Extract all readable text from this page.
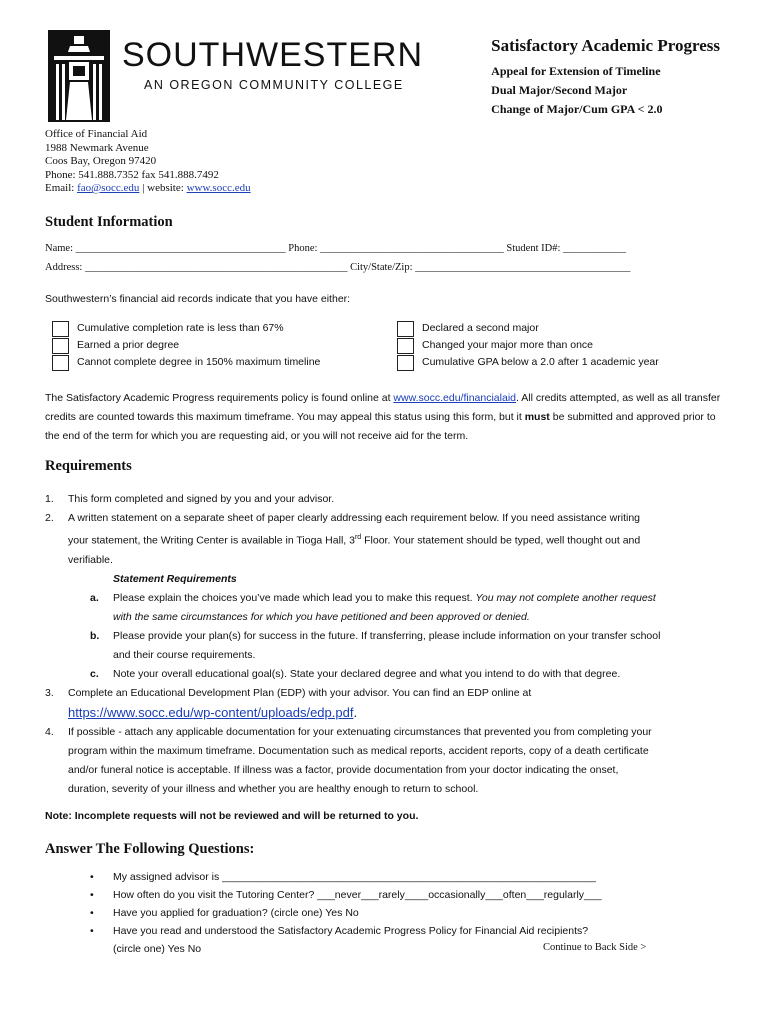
SOUTHWESTERN
AN OREGON COMMUNITY COLLEGE
Satisfactory Academic Progress
Appeal for Extension of Timeline
Dual Major/Second Major
Change of Major/Cum GPA < 2.0
Office of Financial Aid
1988 Newmark Avenue
Coos Bay, Oregon 97420
Phone: 541.888.7352 fax 541.888.7492
Email: fao@socc.edu | website: www.socc.edu
Student Information
Name: ________________________________________ Phone: ___________________________________ Student ID#: ____________
Address: __________________________________________________ City/State/Zip: _________________________________________
Southwestern’s financial aid records indicate that you have either:
Cumulative completion rate is less than 67%
Earned a prior degree
Cannot complete degree in 150% maximum timeline
Declared a second major
Changed your major more than once
Cumulative GPA below a 2.0 after 1 academic year
The Satisfactory Academic Progress requirements policy is found online at www.socc.edu/financialaid. All credits attempted, as well as all transfer credits are counted towards this maximum timeframe. You may appeal this status using this form, but it must be submitted and approved prior to the end of the term for which you are requesting aid, or you will not receive aid for the term.
Requirements
1. This form completed and signed by you and your advisor.
2. A written statement on a separate sheet of paper clearly addressing each requirement below. If you need assistance writing
your statement, the Writing Center is available in Tioga Hall, 3rd Floor. Your statement should be typed, well thought out and
verifiable.
Statement Requirements
a. Please explain the choices you’ve made which lead you to make this request. You may not complete another request
with the same circumstances for which you have petitioned and been approved or denied.
b. Please provide your plan(s) for success in the future. If transferring, please include information on your transfer school
and their course requirements.
c. Note your overall educational goal(s). State your declared degree and what you intend to do with that degree.
3. Complete an Educational Development Plan (EDP) with your advisor. You can find an EDP online at
https://www.socc.edu/wp-content/uploads/edp.pdf.
4. If possible - attach any applicable documentation for your extenuating circumstances that prevented you from completing your
program within the maximum timeframe. Documentation such as medical reports, accident reports, copy of a death certificate
and/or funeral notice is acceptable. If illness was a factor, provide documentation from your doctor indicating the onset,
duration, severity of your illness and whether you are healthy enough to return to school.
Note: Incomplete requests will not be reviewed and will be returned to you.
Answer The Following Questions:
• My assigned advisor is ________________________________________________________________
• How often do you visit the Tutoring Center? ___never___rarely____occasionally___often___regularly___
• Have you applied for graduation? (circle one) Yes No
• Have you read and understood the Satisfactory Academic Progress Policy for Financial Aid recipients?
(circle one) Yes No	Continue to Back Side >
